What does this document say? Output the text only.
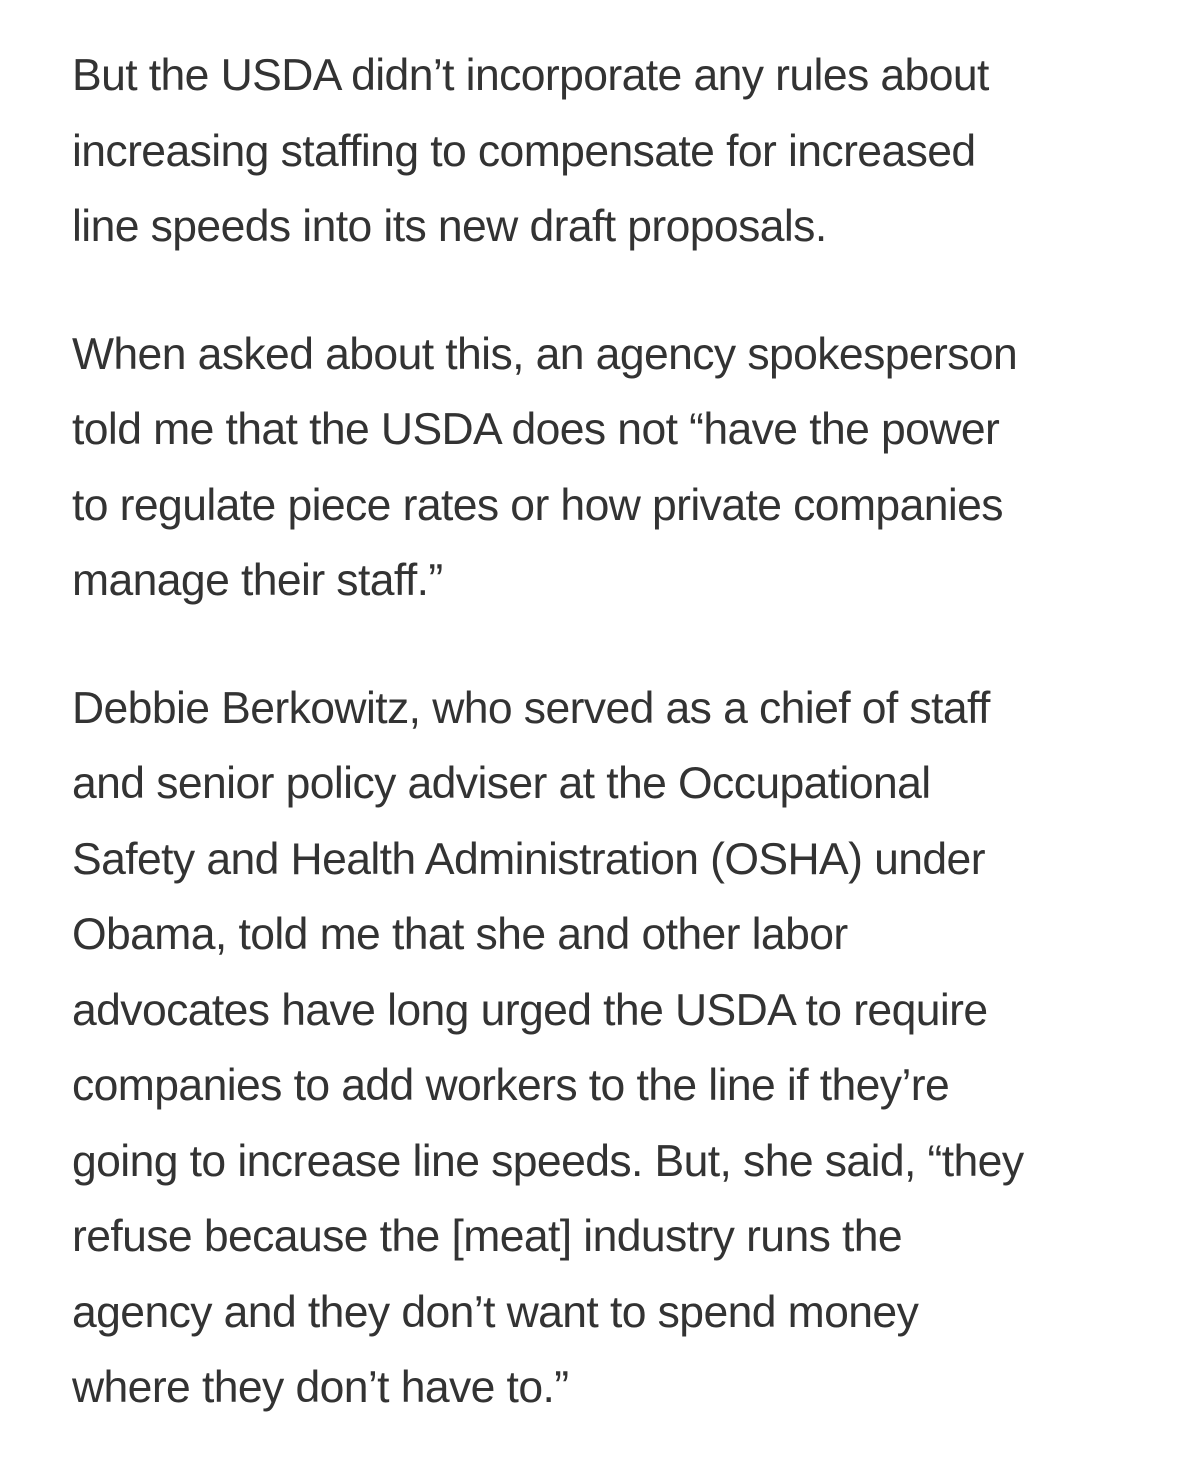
But the USDA didn’t incorporate any rules about
increasing staffing to compensate for increased
line speeds into its new draft proposals.

When asked about this, an agency spokesperson
told me that the USDA does not “have the power
to regulate piece rates or how private companies
manage their staff.”

Debbie Berkowitz, who served as a chief of staff
and senior policy adviser at the Occupational
Safety and Health Administration (OSHA) under
Obama, told me that she and other labor
advocates have long urged the USDA to require
companies to add workers to the line if they’re
going to increase line speeds. But, she said, “they
refuse because the [meat] industry runs the
agency and they don’t want to spend money
where they don’t have to.”
